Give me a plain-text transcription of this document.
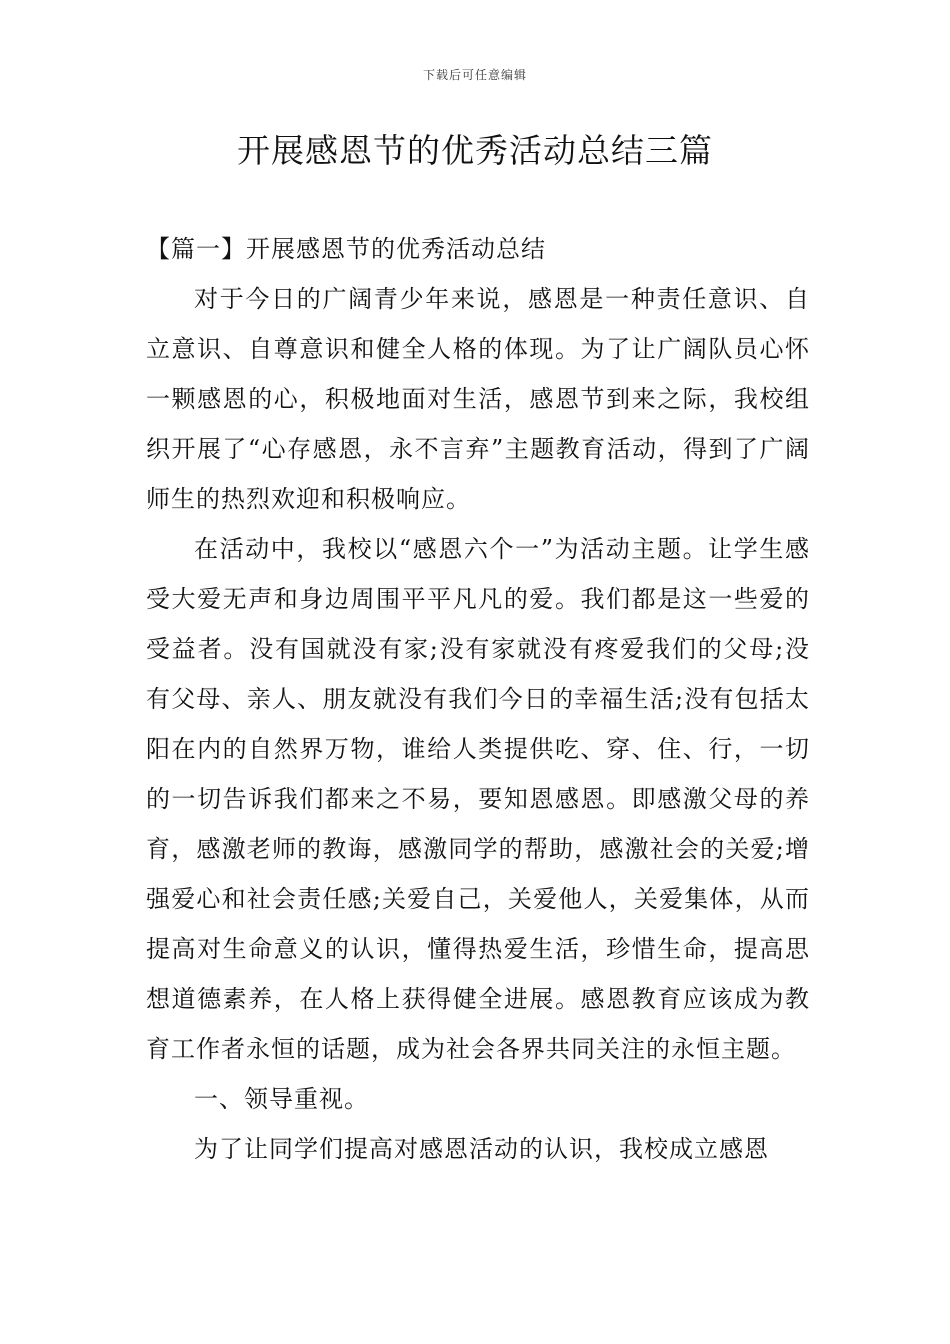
下载后可任意编辑
开展感恩节的优秀活动总结三篇

【篇一】开展感恩节的优秀活动总结

对于今日的广阔青少年来说，感恩是一种责任意识、自立意识、自尊意识和健全人格的体现。为了让广阔队员心怀一颗感恩的心，积极地面对生活，感恩节到来之际，我校组织开展了“心存感恩，永不言弃”主题教育活动，得到了广阔师生的热烈欢迎和积极响应。

在活动中，我校以“感恩六个一”为活动主题。让学生感受大爱无声和身边周围平平凡凡的爱。我们都是这一些爱的受益者。没有国就没有家;没有家就没有疼爱我们的父母;没有父母、亲人、朋友就没有我们今日的幸福生活;没有包括太阳在内的自然界万物，谁给人类提供吃、穿、住、行，一切的一切告诉我们都来之不易，要知恩感恩。即感激父母的养育，感激老师的教诲，感激同学的帮助，感激社会的关爱;增强爱心和社会责任感;关爱自己，关爱他人，关爱集体，从而提高对生命意义的认识，懂得热爱生活，珍惜生命，提高思想道德素养，在人格上获得健全进展。感恩教育应该成为教育工作者永恒的话题，成为社会各界共同关注的永恒主题。

一、领导重视。

为了让同学们提高对感恩活动的认识，我校成立感恩
